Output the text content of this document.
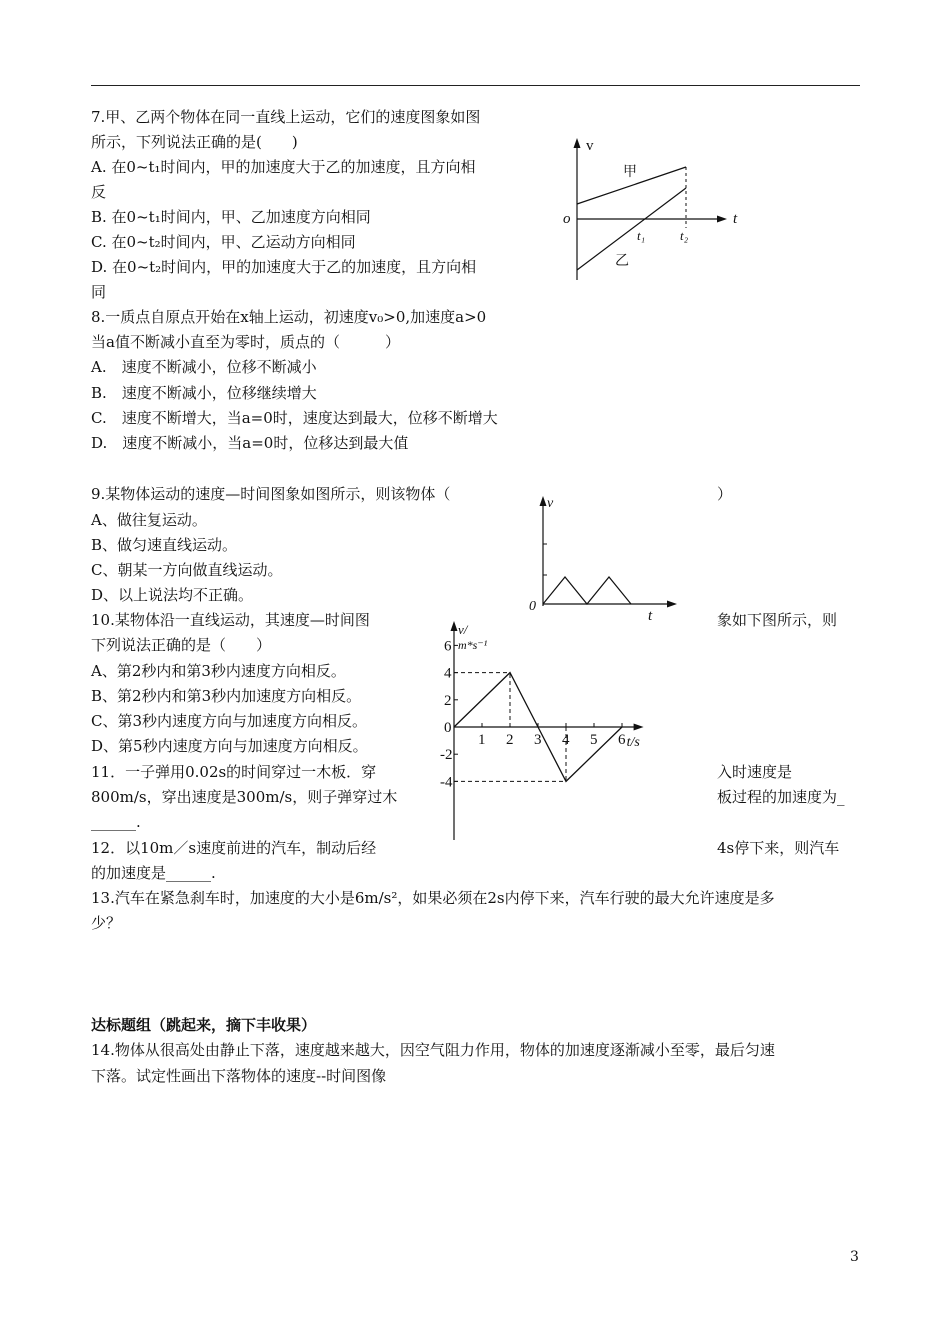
7.甲、乙两个物体在同一直线上运动，它们的速度图象如图
所示，下列说法正确的是(　　)
A. 在0~t₁时间内，甲的加速度大于乙的加速度，且方向相
反
B. 在0~t₁时间内，甲、乙加速度方向相同
C. 在0~t₂时间内，甲、乙运动方向相同
D. 在0~t₂时间内，甲的加速度大于乙的加速度，且方向相
同
v
t
o
甲
乙
t₁	t₂
8.一质点自原点开始在x轴上运动，初速度v₀>0,加速度a>0
当a值不断减小直至为零时，质点的（　　　）
A.　速度不断减小，位移不断减小
B.　速度不断减小，位移继续增大
C.　速度不断增大，当a=0时，速度达到最大，位移不断增大
D.　速度不断减小，当a=0时，位移达到最大值
9.某物体运动的速度—时间图象如图所示，则该物体（	）
A、做往复运动。
B、做匀速直线运动。
C、朝某一方向做直线运动。
D、以上说法均不正确。
v
t
0
10.某物体沿一直线运动，其速度—时间图	象如下图所示，则
下列说法正确的是（　　）
B、第2秒内和第3秒内加速度方向相反。
A、第2秒内和第3秒内速度方向相反。
C、第3秒内速度方向与加速度方向相反。
D、第5秒内速度方向与加速度方向相反。	1 2 3 4 5 6
6
4
2
0
-2
-4
t/s
v/
m*s⁻¹
11．一子弹用0.02s的时间穿过一木板．穿	入时速度是
800m/s，穿出速度是300m/s，则子弹穿过木	板过程的加速度为_
______.
12．以10m／s速度前进的汽车，制动后经	4s停下来，则汽车
的加速度是______.
13.汽车在紧急刹车时，加速度的大小是6m/s²，如果必须在2s内停下来，汽车行驶的最大允许速度是多
少？
达标题组（跳起来，摘下丰收果）
14.物体从很高处由静止下落，速度越来越大，因空气阻力作用，物体的加速度逐渐减小至零，最后匀速
下落。试定性画出下落物体的速度--时间图像
3
